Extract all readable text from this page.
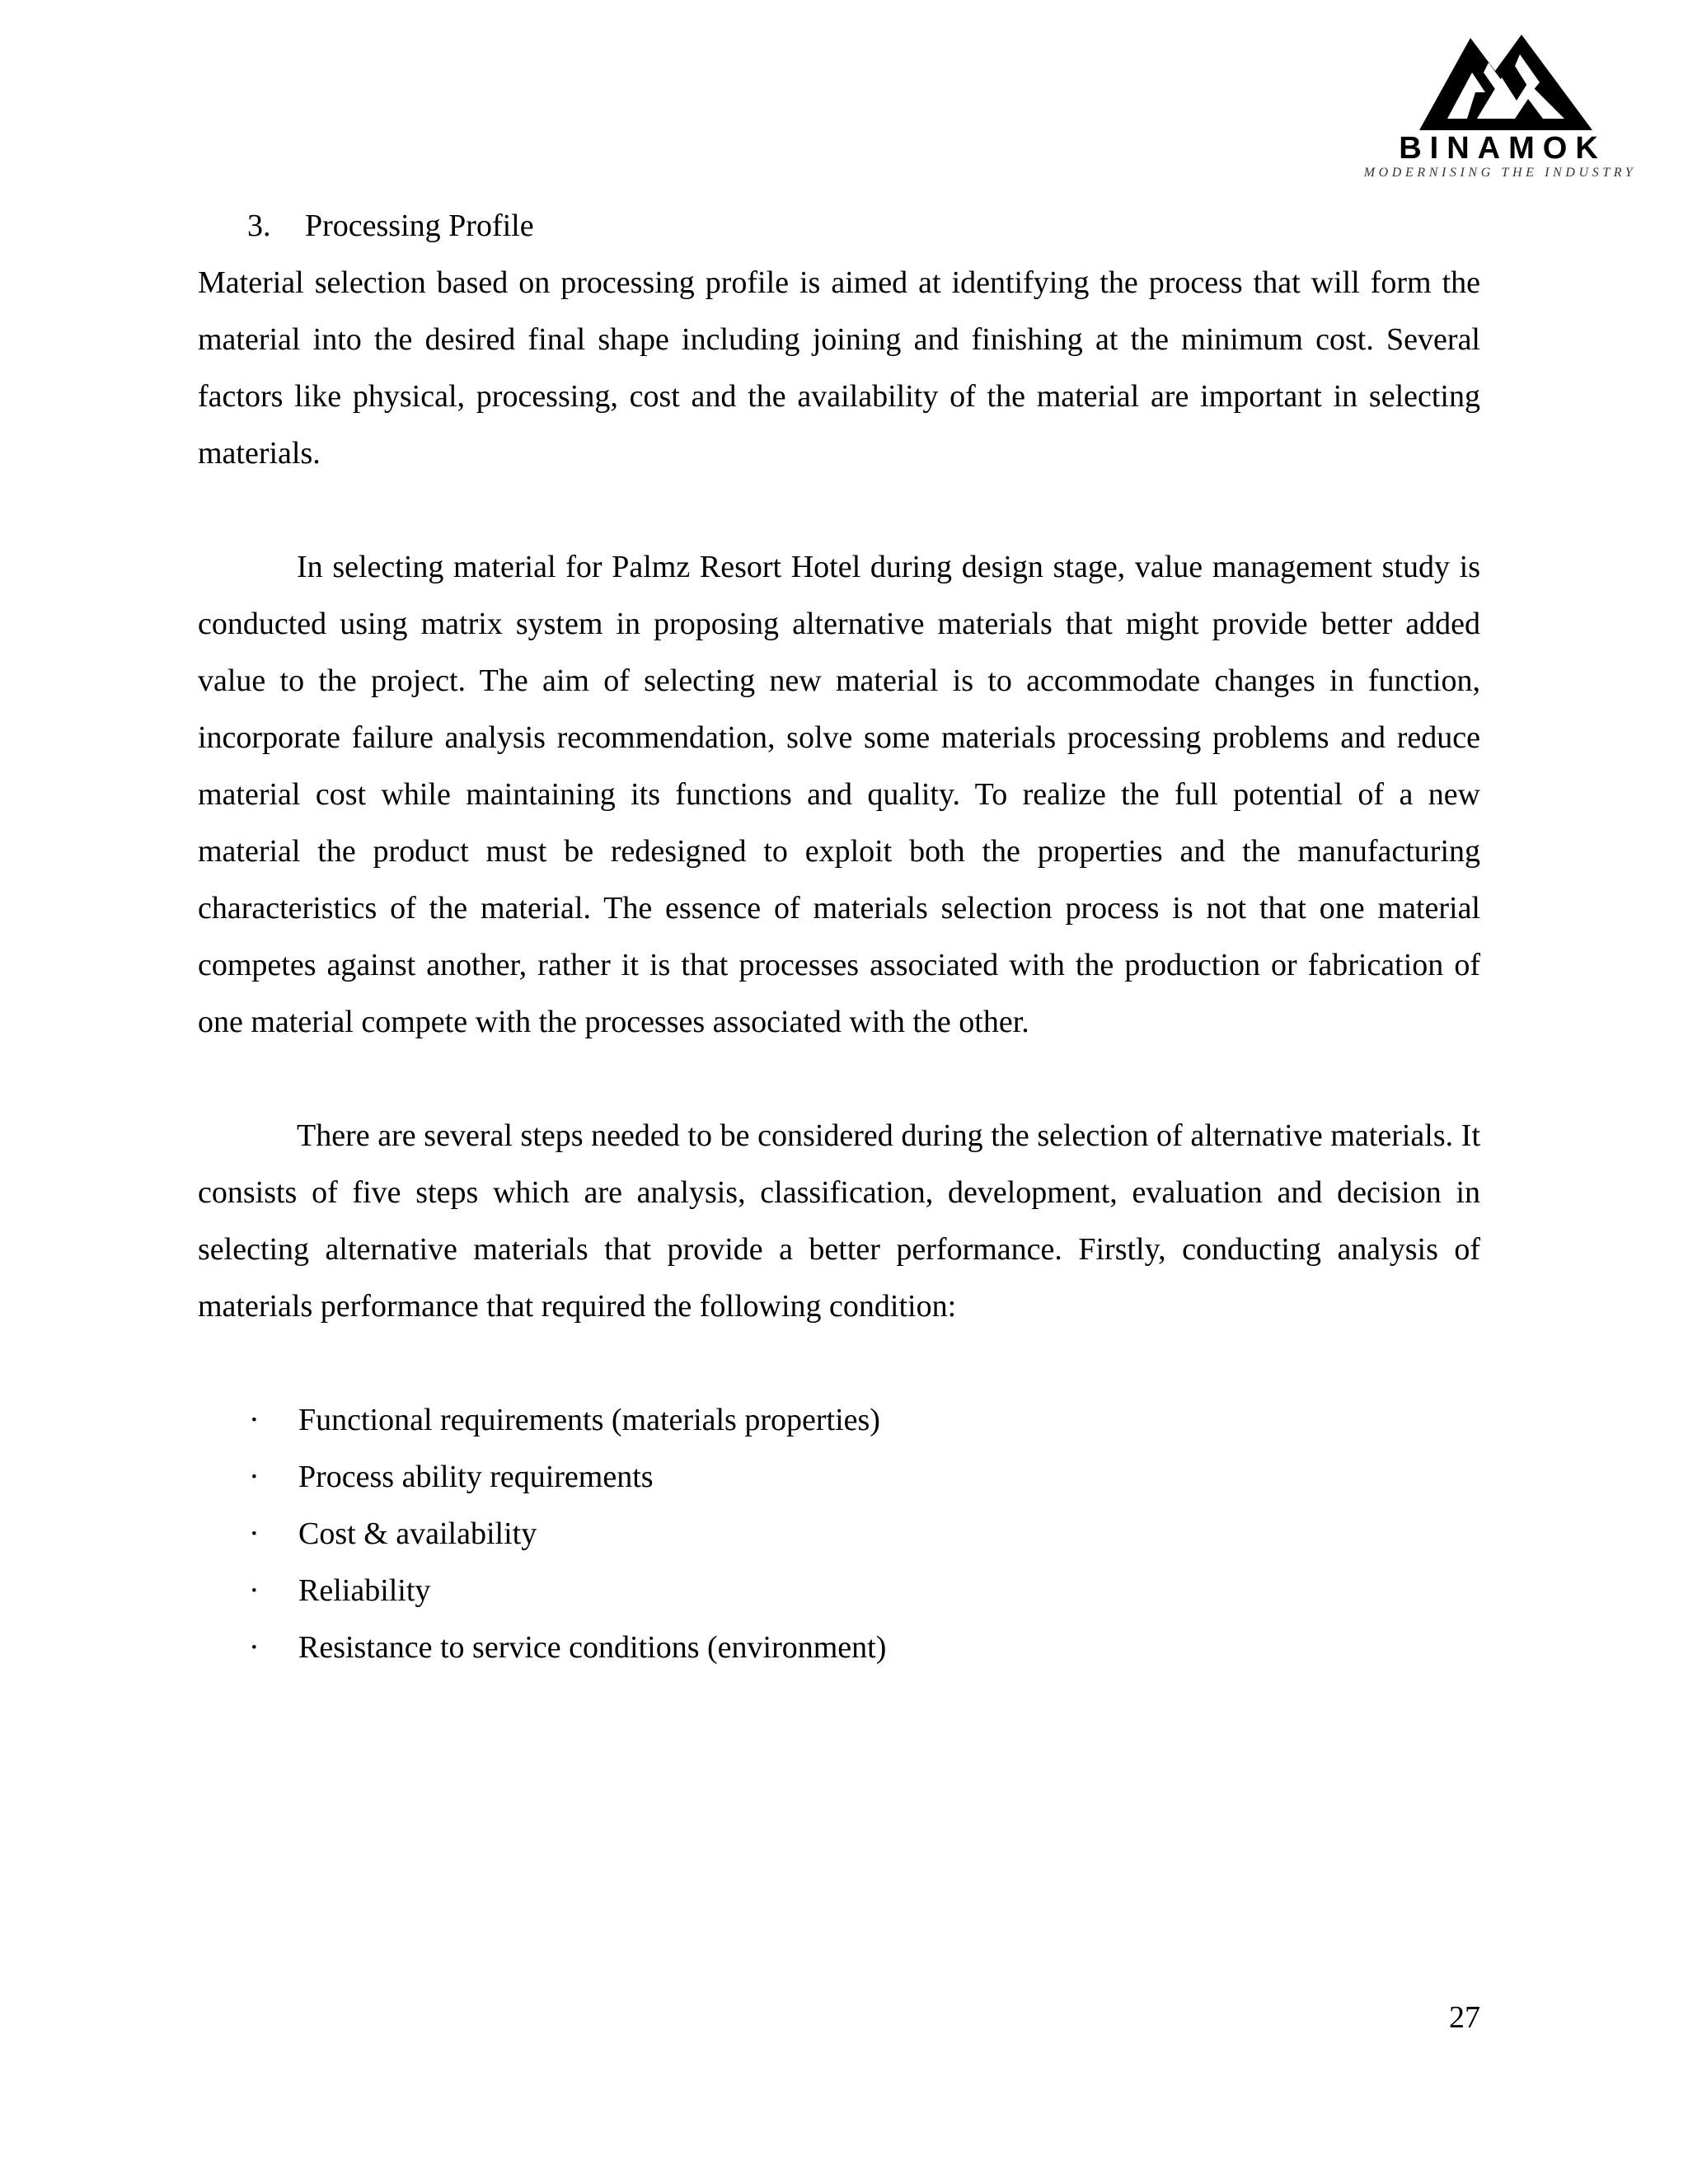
BINAMOK
MODERNISING THE INDUSTRY

3. Processing Profile

Material selection based on processing profile is aimed at identifying the process that will form the material into the desired final shape including joining and finishing at the minimum cost. Several factors like physical, processing, cost and the availability of the material are important in selecting materials.

In selecting material for Palmz Resort Hotel during design stage, value management study is conducted using matrix system in proposing alternative materials that might provide better added value to the project. The aim of selecting new material is to accommodate changes in function, incorporate failure analysis recommendation, solve some materials processing problems and reduce material cost while maintaining its functions and quality. To realize the full potential of a new material the product must be redesigned to exploit both the properties and the manufacturing characteristics of the material. The essence of materials selection process is not that one material competes against another, rather it is that processes associated with the production or fabrication of one material compete with the processes associated with the other.

There are several steps needed to be considered during the selection of alternative materials. It consists of five steps which are analysis, classification, development, evaluation and decision in selecting alternative materials that provide a better performance. Firstly, conducting analysis of materials performance that required the following condition:

· Functional requirements (materials properties)
· Process ability requirements
· Cost & availability
· Reliability
· Resistance to service conditions (environment)
27
